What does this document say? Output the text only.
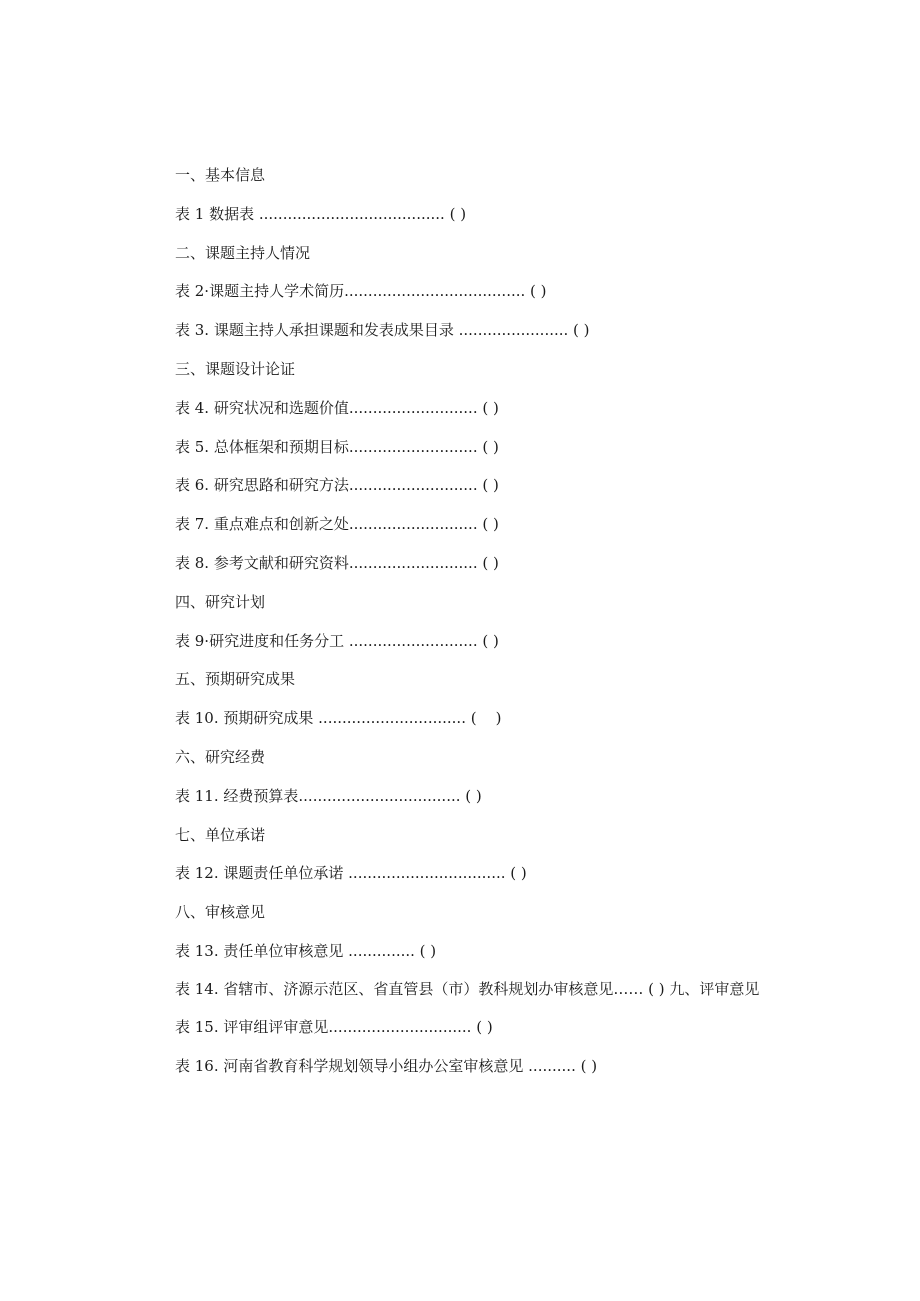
一、基本信息
表 1 数据表 ....................................... ( )
二、课题主持人情况
表 2·课题主持人学术简历...................................... ( )
表 3. 课题主持人承担课题和发表成果目录 ....................... ( )
三、课题设计论证
表 4. 研究状况和选题价值........................... ( )
表 5. 总体框架和预期目标........................... ( )
表 6. 研究思路和研究方法........................... ( )
表 7. 重点难点和创新之处........................... ( )
表 8. 参考文献和研究资料........................... ( )
四、研究计划
表 9·研究进度和任务分工 ........................... ( )
五、预期研究成果
表 10. 预期研究成果 ............................... (    )
六、研究经费
表 11. 经费预算表.................................. ( )
七、单位承诺
表 12. 课题责任单位承诺 ................................. ( )
八、审核意见
表 13. 责任单位审核意见 .............. ( )
表 14. 省辖市、济源示范区、省直管县（市）教科规划办审核意见…… ( ) 九、评审意见
表 15. 评审组评审意见.............................. ( )
表 16. 河南省教育科学规划领导小组办公室审核意见 .......... ( )
